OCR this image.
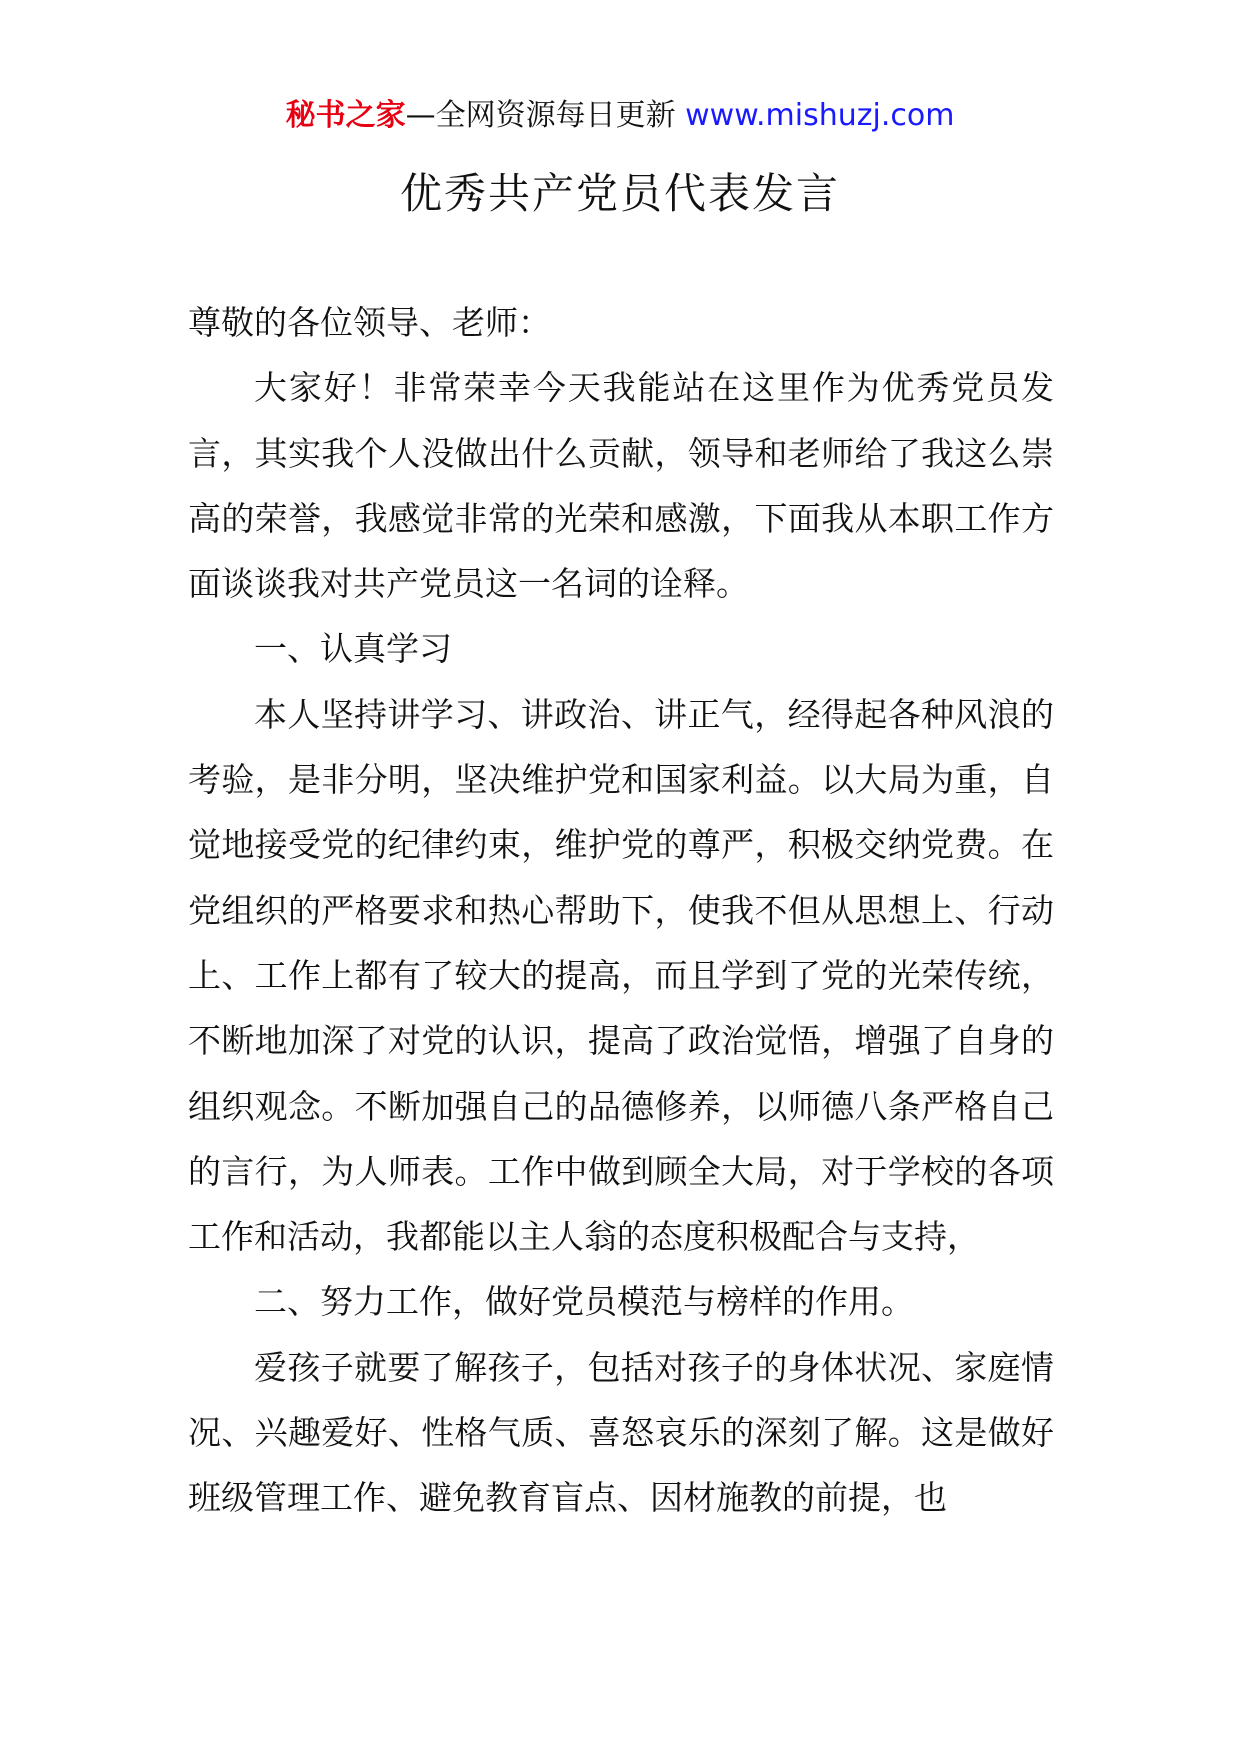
秘书之家—全网资源每日更新 www.mishuzj.com
优秀共产党员代表发言

尊敬的各位领导、老师：

大家好！非常荣幸今天我能站在这里作为优秀党员发言，其实我个人没做出什么贡献，领导和老师给了我这么崇高的荣誉，我感觉非常的光荣和感激，下面我从本职工作方面谈谈我对共产党员这一名词的诠释。

一、认真学习

本人坚持讲学习、讲政治、讲正气，经得起各种风浪的考验，是非分明，坚决维护党和国家利益。以大局为重，自觉地接受党的纪律约束，维护党的尊严，积极交纳党费。在党组织的严格要求和热心帮助下，使我不但从思想上、行动上、工作上都有了较大的提高，而且学到了党的光荣传统，不断地加深了对党的认识，提高了政治觉悟，增强了自身的组织观念。不断加强自己的品德修养，以师德八条严格自己的言行，为人师表。工作中做到顾全大局，对于学校的各项工作和活动，我都能以主人翁的态度积极配合与支持，

二、努力工作，做好党员模范与榜样的作用。

爱孩子就要了解孩子，包括对孩子的身体状况、家庭情况、兴趣爱好、性格气质、喜怒哀乐的深刻了解。这是做好班级管理工作、避免教育盲点、因材施教的前提，也
